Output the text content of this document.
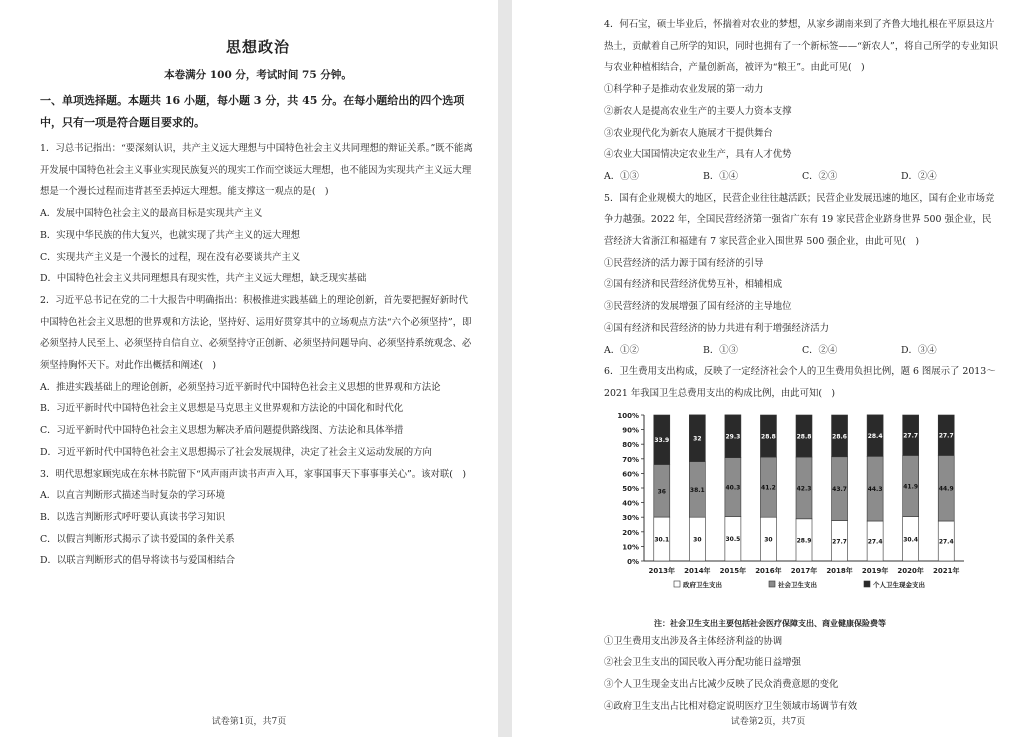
思想政治
本卷满分 100 分，考试时间 75 分钟。
一、单项选择题。本题共 16 小题，每小题 3 分，共 45 分。在每小题给出的四个选项中，只有一项是符合题目要求的。

1．习总书记指出：“要深刻认识，共产主义远大理想与中国特色社会主义共同理想的辩证关系。”既不能离开发展中国特色社会主义事业实现民族复兴的现实工作而空谈远大理想，也不能因为实现共产主义远大理想是一个漫长过程而违背甚至丢掉远大理想。能支撑这一观点的是(　)

A．发展中国特色社会主义的最高目标是实现共产主义

B．实现中华民族的伟大复兴，也就实现了共产主义的远大理想

C．实现共产主义是一个漫长的过程，现在没有必要谈共产主义

D．中国特色社会主义共同理想具有现实性，共产主义远大理想，缺乏现实基础

2．习近平总书记在党的二十大报告中明确指出：积极推进实践基础上的理论创新，首先要把握好新时代中国特色社会主义思想的世界观和方法论，坚持好、运用好贯穿其中的立场观点方法“六个必须坚持”，即必须坚持人民至上、必须坚持自信自立、必须坚持守正创新、必须坚持问题导向、必须坚持系统观念、必须坚持胸怀天下。对此作出概括和阐述(　)

A．推进实践基础上的理论创新，必须坚持习近平新时代中国特色社会主义思想的世界观和方法论

B．习近平新时代中国特色社会主义思想是马克思主义世界观和方法论的中国化和时代化

C．习近平新时代中国特色社会主义思想为解决矛盾问题提供路线图、方法论和具体举措

D．习近平新时代中国特色社会主义思想揭示了社会发展规律，决定了社会主义运动发展的方向

3．明代思想家顾宪成在东林书院留下“风声雨声读书声声入耳，家事国事天下事事事关心”。该对联(　)

A．以直言判断形式描述当时复杂的学习环境

B．以选言判断形式呼吁要认真读书学习知识

C．以假言判断形式揭示了读书爱国的条件关系

D．以联言判断形式的倡导将读书与爱国相结合

试卷第1页，共7页

4．何石宝，硕士毕业后，怀揣着对农业的梦想，从家乡湖南来到了齐鲁大地扎根在平原县这片热土，贡献着自己所学的知识，同时也拥有了一个新标签——“新农人”，将自己所学的专业知识与农业种植相结合，产量创新高，被评为“粮王”。由此可见(　)

①科学种子是推动农业发展的第一动力

②新农人是提高农业生产的主要人力资本支撑

③农业现代化为新农人施展才干提供舞台

④农业大国国情决定农业生产，具有人才优势

A．①③	B．①④	C．②③	D．②④

5．国有企业规模大的地区，民营企业往往越活跃；民营企业发展迅速的地区，国有企业市场竞争力越强。2022 年，全国民营经济第一强省广东有 19 家民营企业跻身世界 500 强企业，民营经济大省浙江和福建有 7 家民营企业入围世界 500 强企业，由此可见(　)

①民营经济的活力源于国有经济的引导

②国有经济和民营经济优势互补，相辅相成

③民营经济的发展增强了国有经济的主导地位

④国有经济和民营经济的协力共进有利于增强经济活力

A．①②	B．①③	C．②④	D．③④

6．卫生费用支出构成，反映了一定经济社会个人的卫生费用负担比例，题 6 图展示了 2013～2021 年我国卫生总费用支出的构成比例，由此可知(　)

0%
10%
20%
30%
40%
50%
60%
70%
80%
90%
100%
30.1
36
33.9
2013年
30
38.1
32
2014年
30.5
40.3
29.3
2015年
30
41.2
28.8
2016年
28.9
42.3
28.8
2017年
27.7
43.7
28.6
2018年
27.4
44.3
28.4
2019年
30.4
41.9
27.7
2020年
27.4
44.9
27.7
2021年
政府卫生支出	社会卫生支出	个人卫生现金支出

注：社会卫生支出主要包括社会医疗保障支出、商业健康保险费等

①卫生费用支出涉及各主体经济利益的协调

②社会卫生支出的国民收入再分配功能日益增强

③个人卫生现金支出占比减少反映了民众消费意愿的变化

④政府卫生支出占比相对稳定说明医疗卫生领域市场调节有效

试卷第2页，共7页
